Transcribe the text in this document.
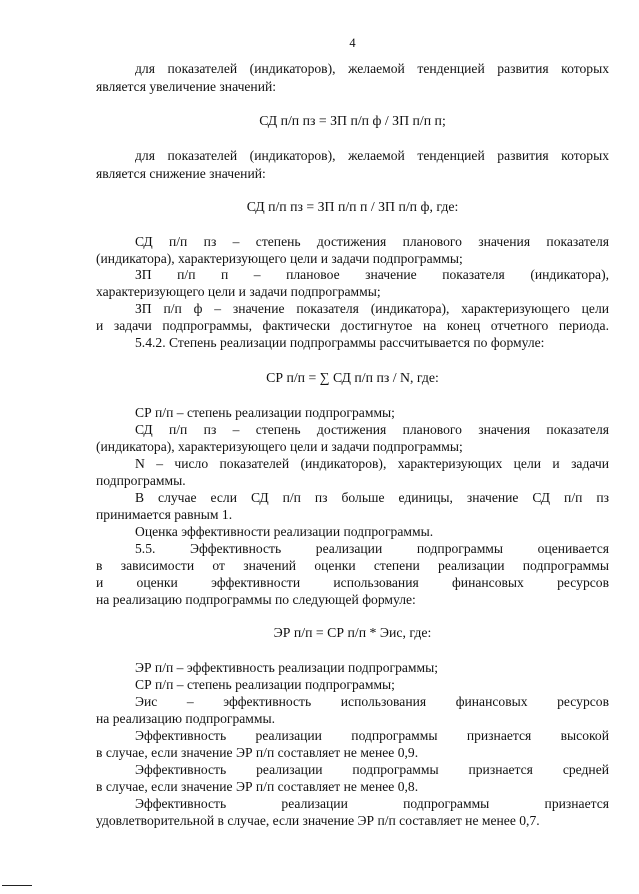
4
для показателей (индикаторов), желаемой тенденцией развития которых
является увеличение значений:
СД п/п пз = ЗП п/п ф / ЗП п/п п;
для показателей (индикаторов), желаемой тенденцией развития которых
является снижение значений:
СД п/п пз = ЗП п/п п / ЗП п/п ф, где:
СД п/п пз – степень достижения планового значения показателя
(индикатора), характеризующего цели и задачи подпрограммы;
ЗП п/п п – плановое значение показателя (индикатора),
характеризующего цели и задачи подпрограммы;
ЗП п/п ф – значение показателя (индикатора), характеризующего цели
и задачи подпрограммы, фактически достигнутое на конец отчетного периода.
5.4.2. Степень реализации подпрограммы рассчитывается по формуле:
СР п/п = ∑ СД п/п пз / N, где:
СР п/п – степень реализации подпрограммы;
СД п/п пз – степень достижения планового значения показателя
(индикатора), характеризующего цели и задачи подпрограммы;
N – число показателей (индикаторов), характеризующих цели и задачи
подпрограммы.
В случае если СД п/п пз больше единицы, значение СД п/п пз
принимается равным 1.
Оценка эффективности реализации подпрограммы.
5.5. Эффективность реализации подпрограммы оценивается
в зависимости от значений оценки степени реализации подпрограммы
и оценки эффективности использования финансовых ресурсов
на реализацию подпрограммы по следующей формуле:
ЭР п/п = СР п/п * Эис, где:
ЭР п/п – эффективность реализации подпрограммы;
СР п/п – степень реализации подпрограммы;
Эис – эффективность использования финансовых ресурсов
на реализацию подпрограммы.
Эффективность реализации подпрограммы признается высокой
в случае, если значение ЭР п/п составляет не менее 0,9.
Эффективность реализации подпрограммы признается средней
в случае, если значение ЭР п/п составляет не менее 0,8.
Эффективность реализации подпрограммы признается
удовлетворительной в случае, если значение ЭР п/п составляет не менее 0,7.
